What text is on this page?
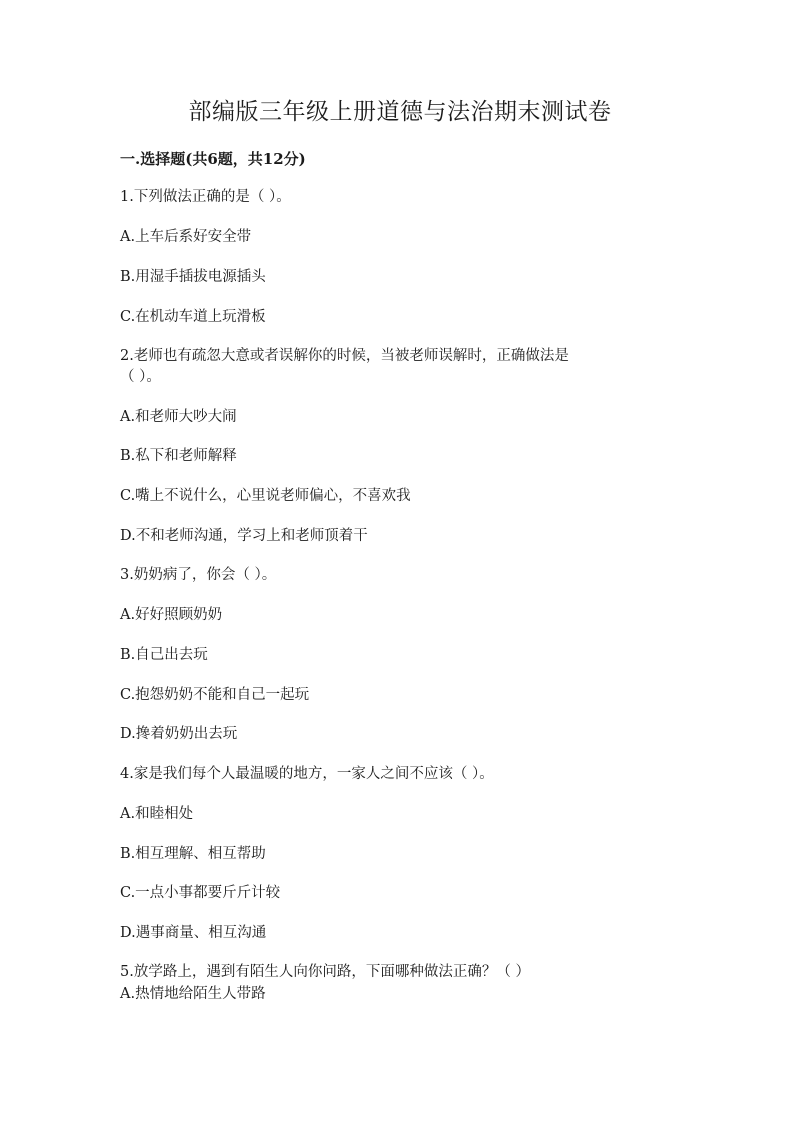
部编版三年级上册道德与法治期末测试卷
一.选择题(共6题，共12分)
1.下列做法正确的是（ ）。
A.上车后系好安全带
B.用湿手插拔电源插头
C.在机动车道上玩滑板
2.老师也有疏忽大意或者误解你的时候，当被老师误解时，正确做法是
（ ）。
A.和老师大吵大闹
B.私下和老师解释
C.嘴上不说什么，心里说老师偏心，不喜欢我
D.不和老师沟通，学习上和老师顶着干
3.奶奶病了，你会（ ）。
A.好好照顾奶奶
B.自己出去玩
C.抱怨奶奶不能和自己一起玩
D.搀着奶奶出去玩
4.家是我们每个人最温暖的地方，一家人之间不应该（ ）。
A.和睦相处
B.相互理解、相互帮助
C.一点小事都要斤斤计较
D.遇事商量、相互沟通
5.放学路上，遇到有陌生人向你问路，下面哪种做法正确？（ ）
A.热情地给陌生人带路
